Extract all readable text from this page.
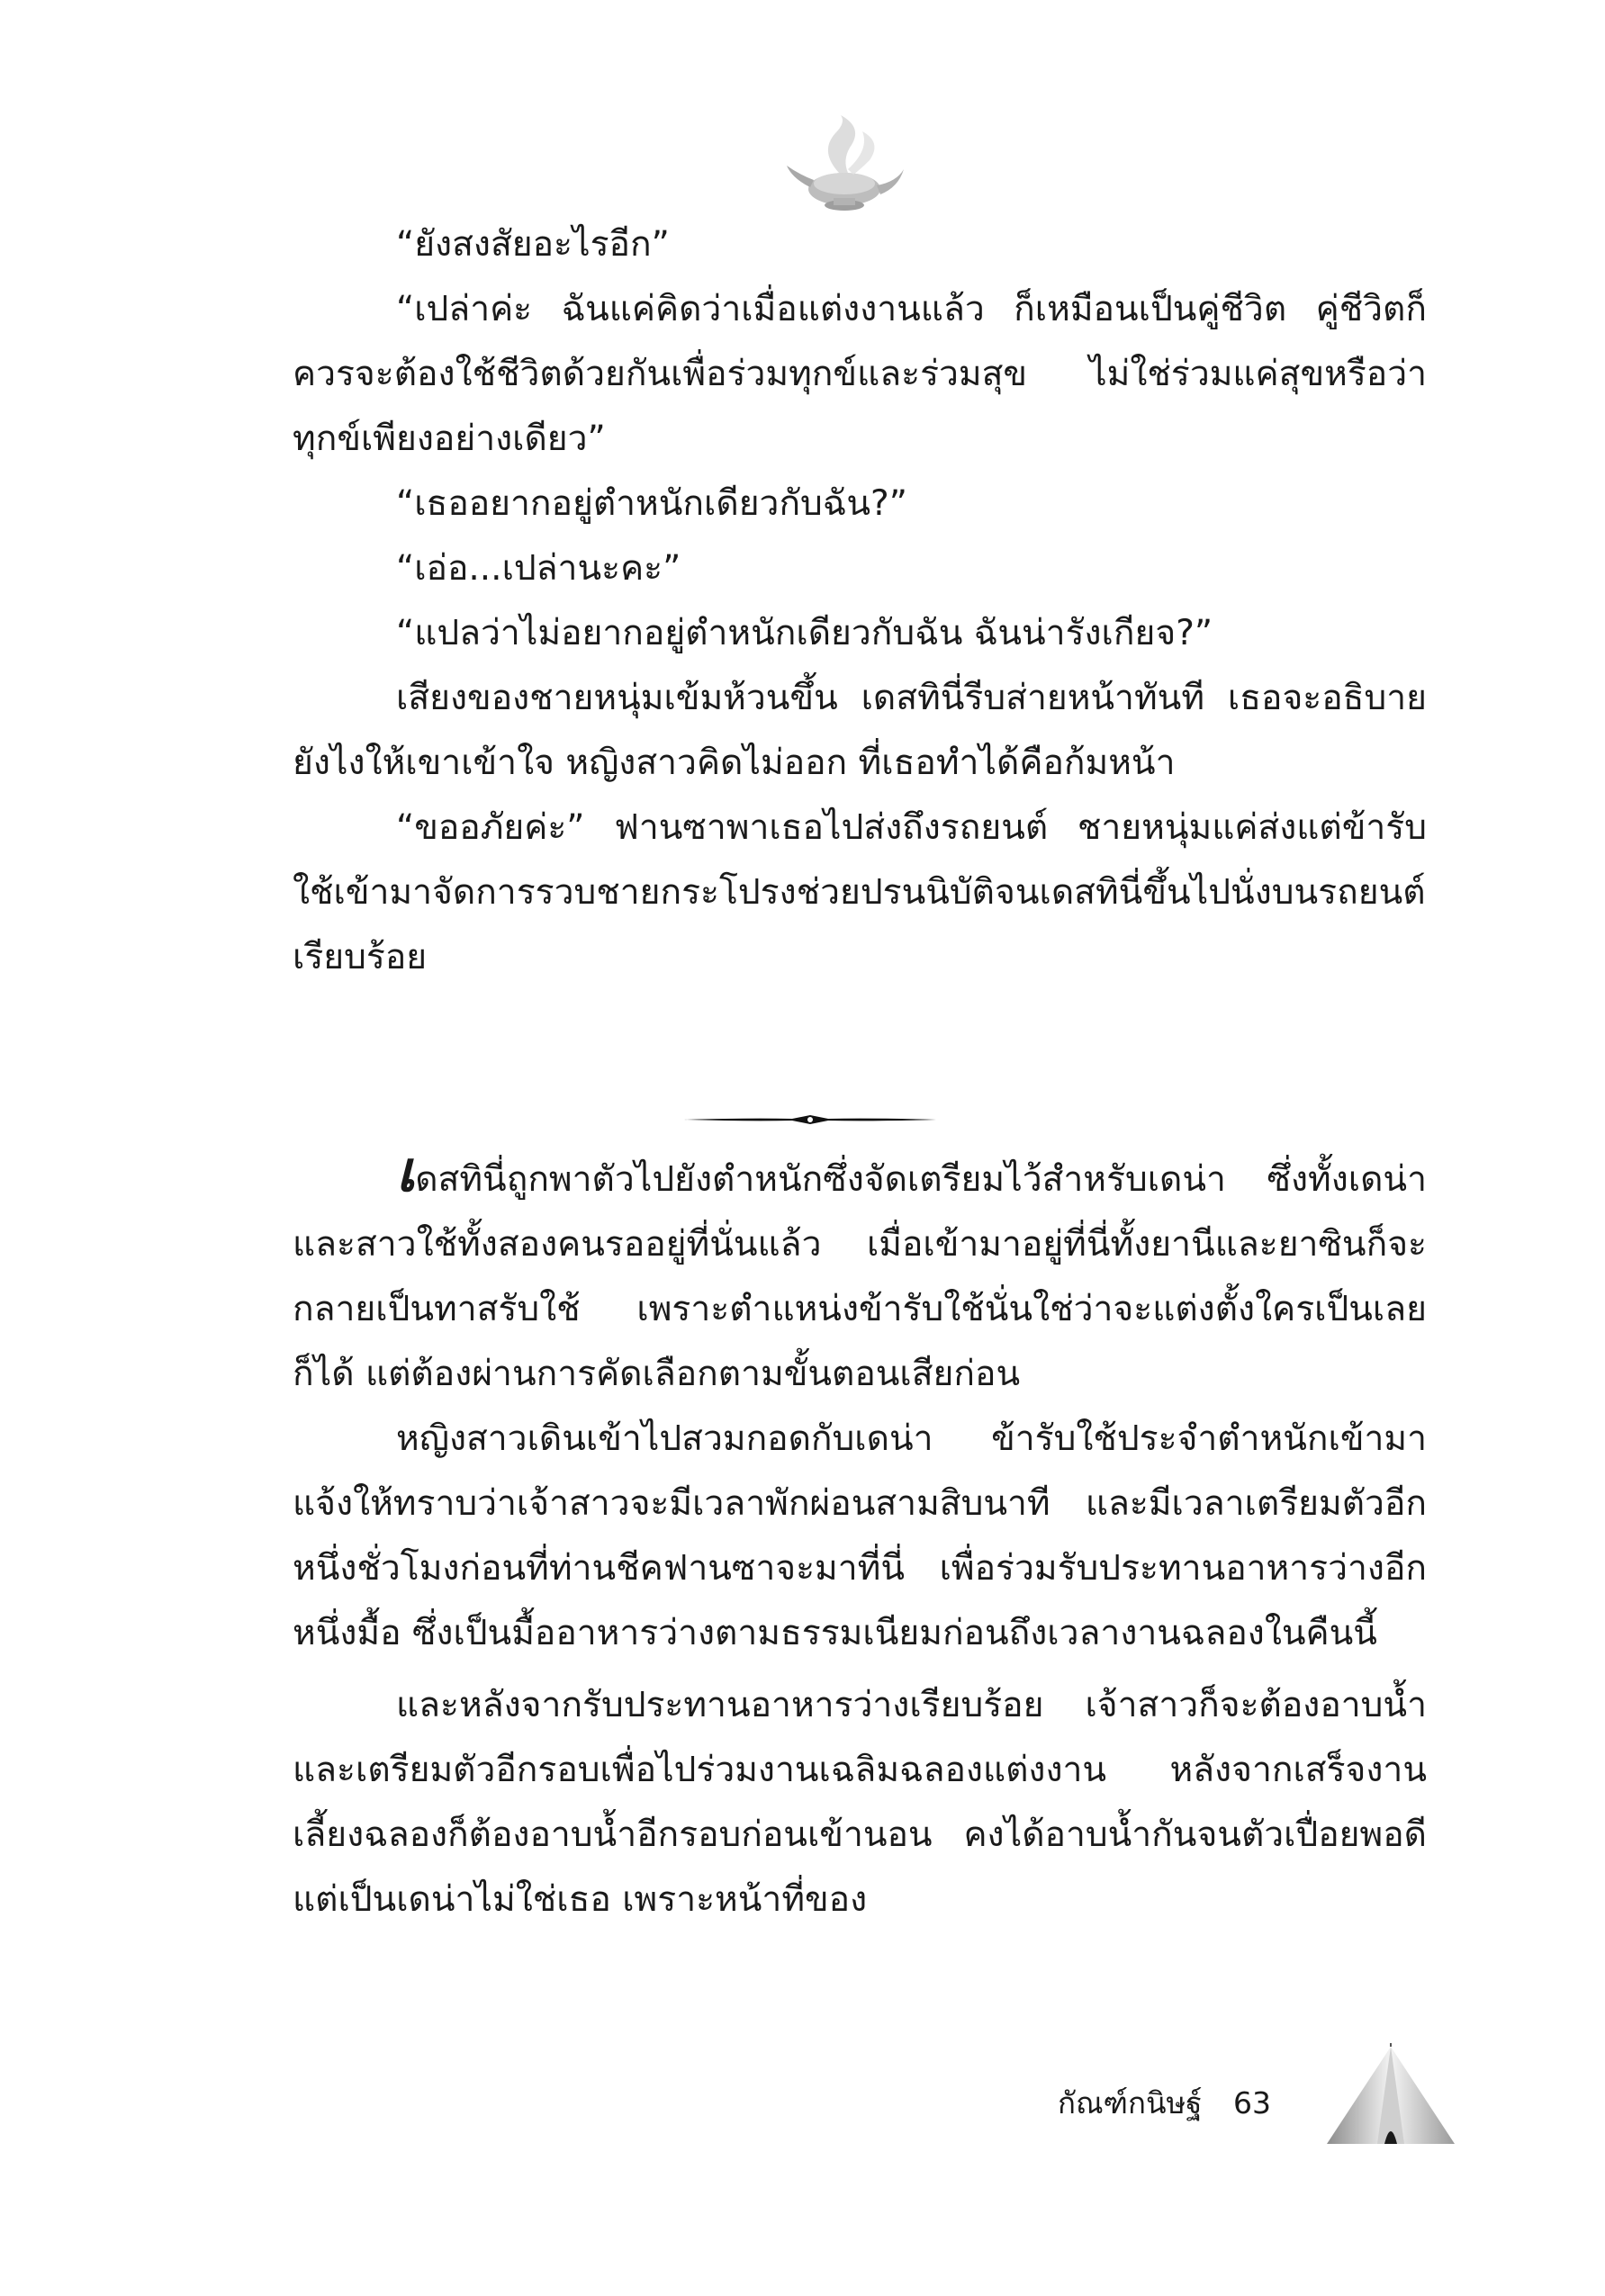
“ยังสงสัยอะไรอีก”

“เปล่าค่ะ ฉันแค่คิดว่าเมื่อแต่งงานแล้ว ก็เหมือนเป็นคู่ชีวิต คู่ชีวิตก็ควรจะต้องใช้ชีวิตด้วยกันเพื่อร่วมทุกข์และร่วมสุข ไม่ใช่ร่วมแค่สุขหรือว่าทุกข์เพียงอย่างเดียว”

“เธออยากอยู่ตำหนักเดียวกับฉัน?”

“เอ่อ...เปล่านะคะ”

“แปลว่าไม่อยากอยู่ตำหนักเดียวกับฉัน ฉันน่ารังเกียจ?”

เสียงของชายหนุ่มเข้มห้วนขึ้น เดสทินี่รีบส่ายหน้าทันที เธอจะอธิบายยังไงให้เขาเข้าใจ หญิงสาวคิดไม่ออก ที่เธอทำได้คือก้มหน้า

“ขออภัยค่ะ” ฟานซาพาเธอไปส่งถึงรถยนต์ ชายหนุ่มแค่ส่งแต่ข้ารับใช้เข้ามาจัดการรวบชายกระโปรงช่วยปรนนิบัติจนเดสทินี่ขึ้นไปนั่งบนรถยนต์เรียบร้อย

เดสทินี่ถูกพาตัวไปยังตำหนักซึ่งจัดเตรียมไว้สำหรับเดน่า ซึ่งทั้งเดน่าและสาวใช้ทั้งสองคนรออยู่ที่นั่นแล้ว เมื่อเข้ามาอยู่ที่นี่ทั้งยานีและยาซินก็จะกลายเป็นทาสรับใช้ เพราะตำแหน่งข้ารับใช้นั่นใช่ว่าจะแต่งตั้งใครเป็นเลยก็ได้ แต่ต้องผ่านการคัดเลือกตามขั้นตอนเสียก่อน

หญิงสาวเดินเข้าไปสวมกอดกับเดน่า ข้ารับใช้ประจำตำหนักเข้ามาแจ้งให้ทราบว่าเจ้าสาวจะมีเวลาพักผ่อนสามสิบนาที และมีเวลาเตรียมตัวอีกหนึ่งชั่วโมงก่อนที่ท่านชีคฟานซาจะมาที่นี่ เพื่อร่วมรับประทานอาหารว่างอีกหนึ่งมื้อ ซึ่งเป็นมื้ออาหารว่างตามธรรมเนียมก่อนถึงเวลางานฉลองในคืนนี้

และหลังจากรับประทานอาหารว่างเรียบร้อย เจ้าสาวก็จะต้องอาบน้ำและเตรียมตัวอีกรอบเพื่อไปร่วมงานเฉลิมฉลองแต่งงาน หลังจากเสร็จงานเลี้ยงฉลองก็ต้องอาบน้ำอีกรอบก่อนเข้านอน คงได้อาบน้ำกันจนตัวเปื่อยพอดี แต่เป็นเดน่าไม่ใช่เธอ เพราะหน้าที่ของ

กัณฑ์กนิษฐ์ 63
